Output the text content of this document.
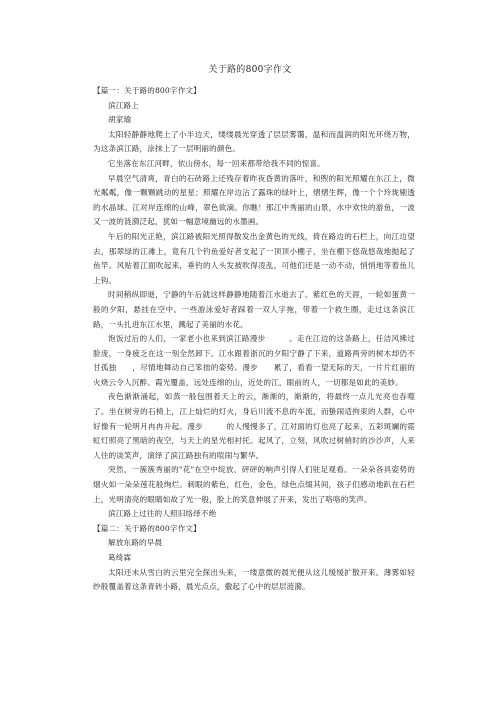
关于路的800字作文

【篇一：关于路的800字作文】

滨江路上

胡家瑜

太阳轻静静地爬上了小半边天，缕缕晨光穿透了层层雾霭，温和而温润的阳光环绕万物，为这条滨江路，涂抹上了一层明丽的颜色。

它坐落在东江河畔，依山傍水，每一回来都带给我不同的惊喜。

早晨空气清爽，青白的石砖路上还残存着昨夜昏黄的落叶，和煦的阳光照耀在东江上，微光粼粼，像一颗颗跳动的星星；照耀在岸边沾了露珠的绿叶上，熠熠生辉，像一个个玲珑剔透的水晶球。江对岸连绵的山峰，翠色欲滴。你瞧！那江中秀丽的山景，水中欢快的游鱼，一波又一波的涟漪泛起，犹如一幅意境幽远的水墨画。

午后的阳光正艳，滨江路被阳光照得散发出金黄色的光线，倚在路边的石栏上，向江边望去，那翠绿的江滩上，竟有几个钓鱼爱好者支起了一顶顶小棚子，坐在棚下悠哉悠哉地抛起了鱼竿。风贴着江面吹起来，垂钓的人头发被吹得凌乱，可他们还是一动不动，悄悄地等着鱼儿上钩。

时间稍纵即逝，宁静的午后就这样静静地随着江水逝去了。紫红色的天涯，一轮如蛋黄一般的夕阳，悬挂在空中。一些游泳爱好者踩着一双人字拖，带着一个救生圈，走过这条滨江路，一头扎进东江水里，溅起了美丽的水花。

饱饭过后的人们，一家老小也来到滨江路漫步　　　。走在江边的这条路上，任洁风拂过脸庞，一身疲乏在这一刻全然卸下。江水跟着浙沉的夕阳宁静了下来，道路两旁的树木却仍不甘孤独　　，尽情地舞动自己笨拙的姿势。漫步　　累了，看看一望无际的天，一片片红丽的火烧云令人沉醉。霞光覆盖，远处连绵的山，近处的江，眼前的人，一切都是如此的美妙。

夜色渐渐涌起，如蒸一般包围着天上的云，渐渐的，渐渐的，将最终一点儿光亮也吞噬了。坐在树旁的石椅上，江上灿烂的灯火，身后川流不息的车流，而蛰闹适拘束的人群，心中好像有一轮明月冉冉升起。漫步　　　的人慢慢多了，江对面的灯也亮了起来，五彩斑斓的霓虹灯照亮了黑暗的夜空，与天上的星光相衬托。起风了，立刻，风吹过树梢时的沙沙声，人来人往的谈笑声，演绎了滨江路独有的喧闹与繁华。

突然，一簇簇秀丽的"花"在空中绽放，砰砰的响声引得人们驻足观看。一朵朵各具姿势的烟火如一朵朵莲花般绚烂。刺眼的紫色，红色，金色，绿色点缀其间，孩子们感动地趴在石栏上，光明清亮的眼睛如故了光一般，脸上的笑意伸展了开来，发出了咯咯的笑声。

滨江路上过往的人照旧络绎不绝

【篇二：关于路的800字作文】

解放东路的早晨

葛绮霖

太阳还未从雪白的云里完全探出头来，一缕意微的晨光便从这儿缓缓扩散开来。薄雾如轻纱般覆盖着这条青砖小路，晨光点点，撒起了心中的层层涟漪。
